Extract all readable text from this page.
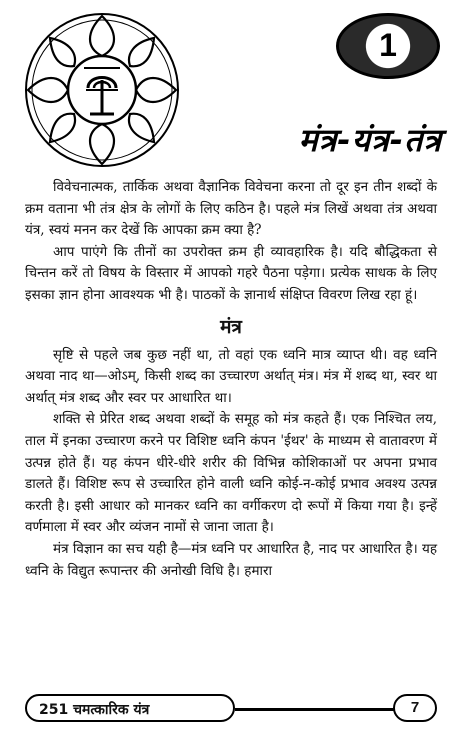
1
मंत्र-यंत्र-तंत्र

विवेचनात्मक, तार्किक अथवा वैज्ञानिक विवेचना करना तो दूर इन तीन शब्दों के क्रम वताना भी तंत्र क्षेत्र के लोगों के लिए कठिन है। पहले मंत्र लिखें अथवा तंत्र अथवा यंत्र, स्वयं मनन कर देखें कि आपका क्रम क्या है?

आप पाएंगे कि तीनों का उपरोक्त क्रम ही व्यावहारिक है। यदि बौद्धिकता से चिन्तन करें तो विषय के विस्तार में आपको गहरे पैठना पड़ेगा। प्रत्येक साधक के लिए इसका ज्ञान होना आवश्यक भी है। पाठकों के ज्ञानार्थ संक्षिप्त विवरण लिख रहा हूं।

मंत्र

सृष्टि से पहले जब कुछ नहीं था, तो वहां एक ध्वनि मात्र व्याप्त थी। वह ध्वनि अथवा नाद था—ओऽम्, किसी शब्द का उच्चारण अर्थात् मंत्र। मंत्र में शब्द था, स्वर था अर्थात् मंत्र शब्द और स्वर पर आधारित था।

शक्ति से प्रेरित शब्द अथवा शब्दों के समूह को मंत्र कहते हैं। एक निश्चित लय, ताल में इनका उच्चारण करने पर विशिष्ट ध्वनि कंपन 'ईथर' के माध्यम से वातावरण में उत्पन्न होते हैं। यह कंपन धीरे-धीरे शरीर की विभिन्न कोशिकाओं पर अपना प्रभाव डालते हैं। विशिष्ट रूप से उच्चारित होने वाली ध्वनि कोई-न-कोई प्रभाव अवश्य उत्पन्न करती है। इसी आधार को मानकर ध्वनि का वर्गीकरण दो रूपों में किया गया है। इन्हें वर्णमाला में स्वर और व्यंजन नामों से जाना जाता है।

मंत्र विज्ञान का सच यही है—मंत्र ध्वनि पर आधारित है, नाद पर आधारित है। यह ध्वनि के विद्युत रूपान्तर की अनोखी विधि है। हमारा

251 चमत्कारिक यंत्र	7
